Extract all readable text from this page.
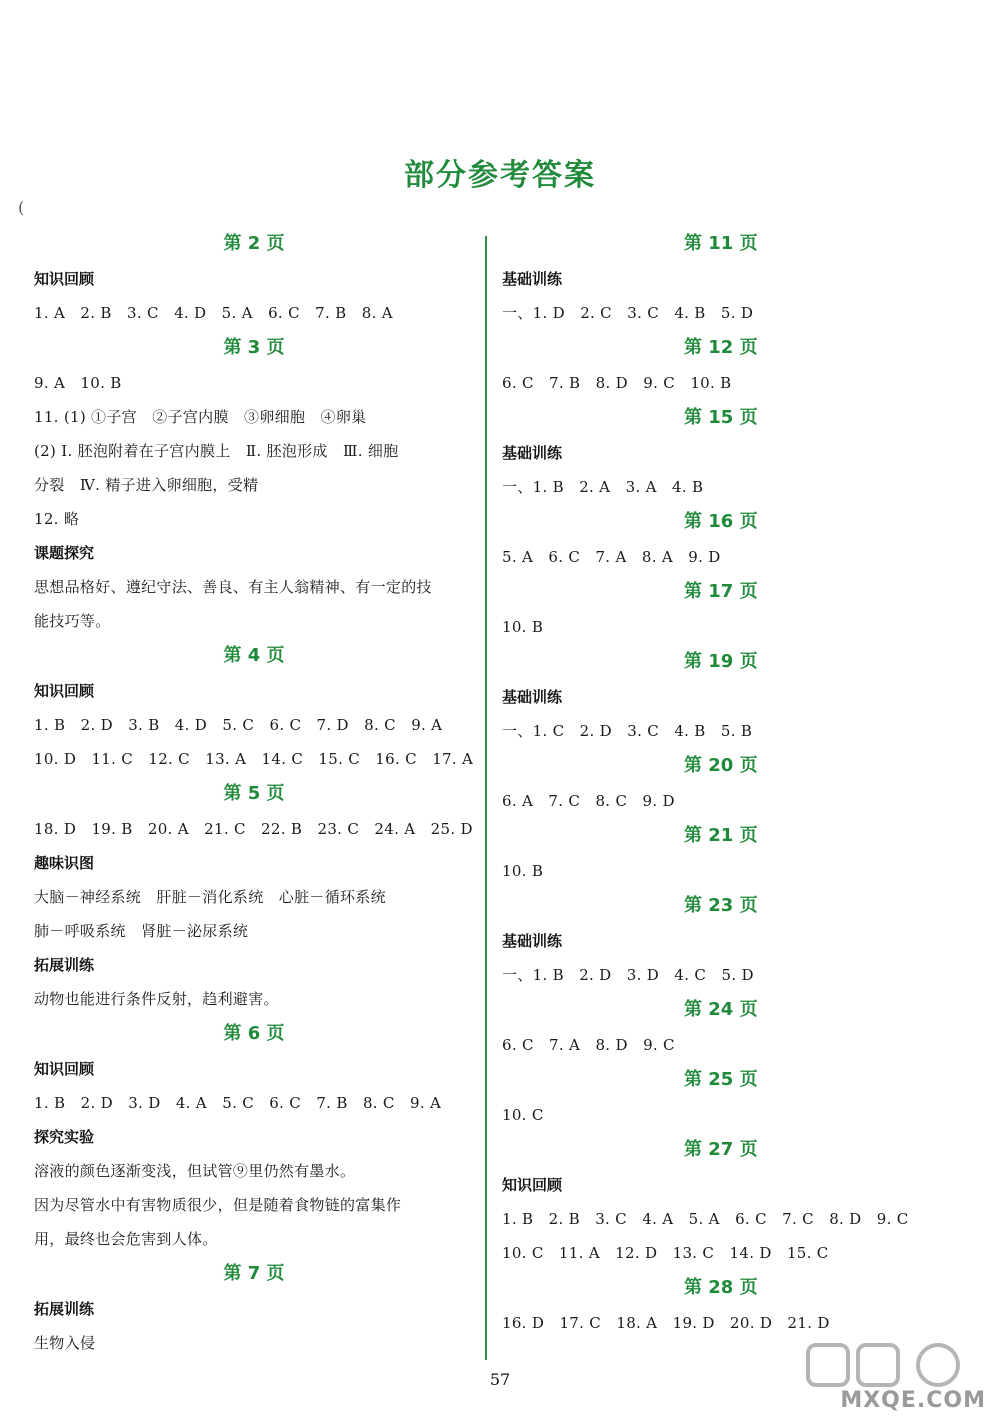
部分参考答案
(
第 2 页
知识回顾
1. A　2. B　3. C　4. D　5. A　6. C　7. B　8. A
第 3 页
9. A　10. B
11. (1) ①子宫　②子宫内膜　③卵细胞　④卵巢
(2) Ⅰ. 胚泡附着在子宫内膜上　Ⅱ. 胚泡形成　Ⅲ. 细胞
分裂　Ⅳ. 精子进入卵细胞，受精
12. 略
课题探究
思想品格好、遵纪守法、善良、有主人翁精神、有一定的技
能技巧等。
第 4 页
知识回顾
1. B　2. D　3. B　4. D　5. C　6. C　7. D　8. C　9. A
10. D　11. C　12. C　13. A　14. C　15. C　16. C　17. A
第 5 页
18. D　19. B　20. A　21. C　22. B　23. C　24. A　25. D
趣味识图
大脑－神经系统　肝脏－消化系统　心脏－循环系统
肺－呼吸系统　肾脏－泌尿系统
拓展训练
动物也能进行条件反射，趋利避害。
第 6 页
知识回顾
1. B　2. D　3. D　4. A　5. C　6. C　7. B　8. C　9. A
探究实验
溶液的颜色逐渐变浅，但试管⑨里仍然有墨水。
因为尽管水中有害物质很少，但是随着食物链的富集作
用，最终也会危害到人体。
第 7 页
拓展训练
生物入侵
第 11 页
基础训练
一、1. D　2. C　3. C　4. B　5. D
第 12 页
6. C　7. B　8. D　9. C　10. B
第 15 页
基础训练
一、1. B　2. A　3. A　4. B
第 16 页
5. A　6. C　7. A　8. A　9. D
第 17 页
10. B
第 19 页
基础训练
一、1. C　2. D　3. C　4. B　5. B
第 20 页
6. A　7. C　8. C　9. D
第 21 页
10. B
第 23 页
基础训练
一、1. B　2. D　3. D　4. C　5. D
第 24 页
6. C　7. A　8. D　9. C
第 25 页
10. C
第 27 页
知识回顾
1. B　2. B　3. C　4. A　5. A　6. C　7. C　8. D　9. C
10. C　11. A　12. D　13. C　14. D　15. C
第 28 页
16. D　17. C　18. A　19. D　20. D　21. D
57
MXQE.COM
